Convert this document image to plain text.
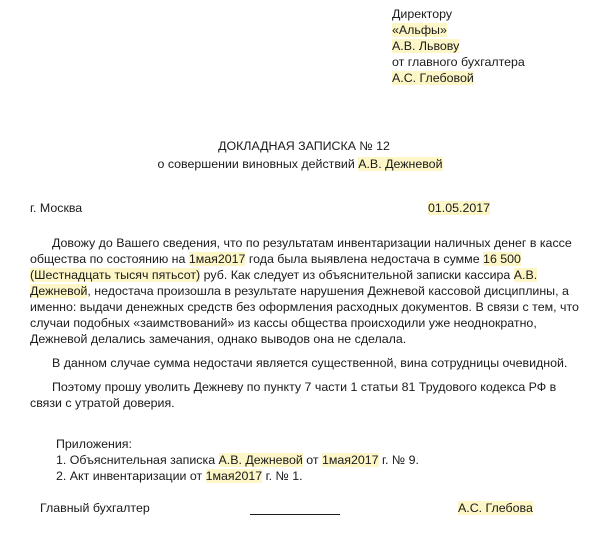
Директору
«Альфы»
А.В. Львову
от главного бухгалтера
А.С. Глебовой
ДОКЛАДНАЯ ЗАПИСКА № 12
о совершении виновных действий А.В. Дежневой
г. Москва	01.05.2017
Довожу до Вашего сведения, что по результатам инвентаризации наличных денег в кассе
общества по состоянию на 1мая2017 года была выявлена недостача в сумме 16 500
(Шестнадцать тысяч пятьсот) руб. Как следует из объяснительной записки кассира А.В.
Дежневой, недостача произошла в результате нарушения Дежневой кассовой дисциплины, а
именно: выдачи денежных средств без оформления расходных документов. В связи с тем, что
случаи подобных «заимствований» из кассы общества происходили уже неоднократно,
Дежневой делались замечания, однако выводов она не сделала.
В данном случае сумма недостачи является существенной, вина сотрудницы очевидной.
Поэтому прошу уволить Дежневу по пункту 7 части 1 статьи 81 Трудового кодекса РФ в
связи с утратой доверия.
Приложения:
1. Объяснительная записка А.В. Дежневой от 1мая2017 г. № 9.
2. Акт инвентаризации от 1мая2017 г. № 1.
Главный бухгалтер	А.С. Глебова
